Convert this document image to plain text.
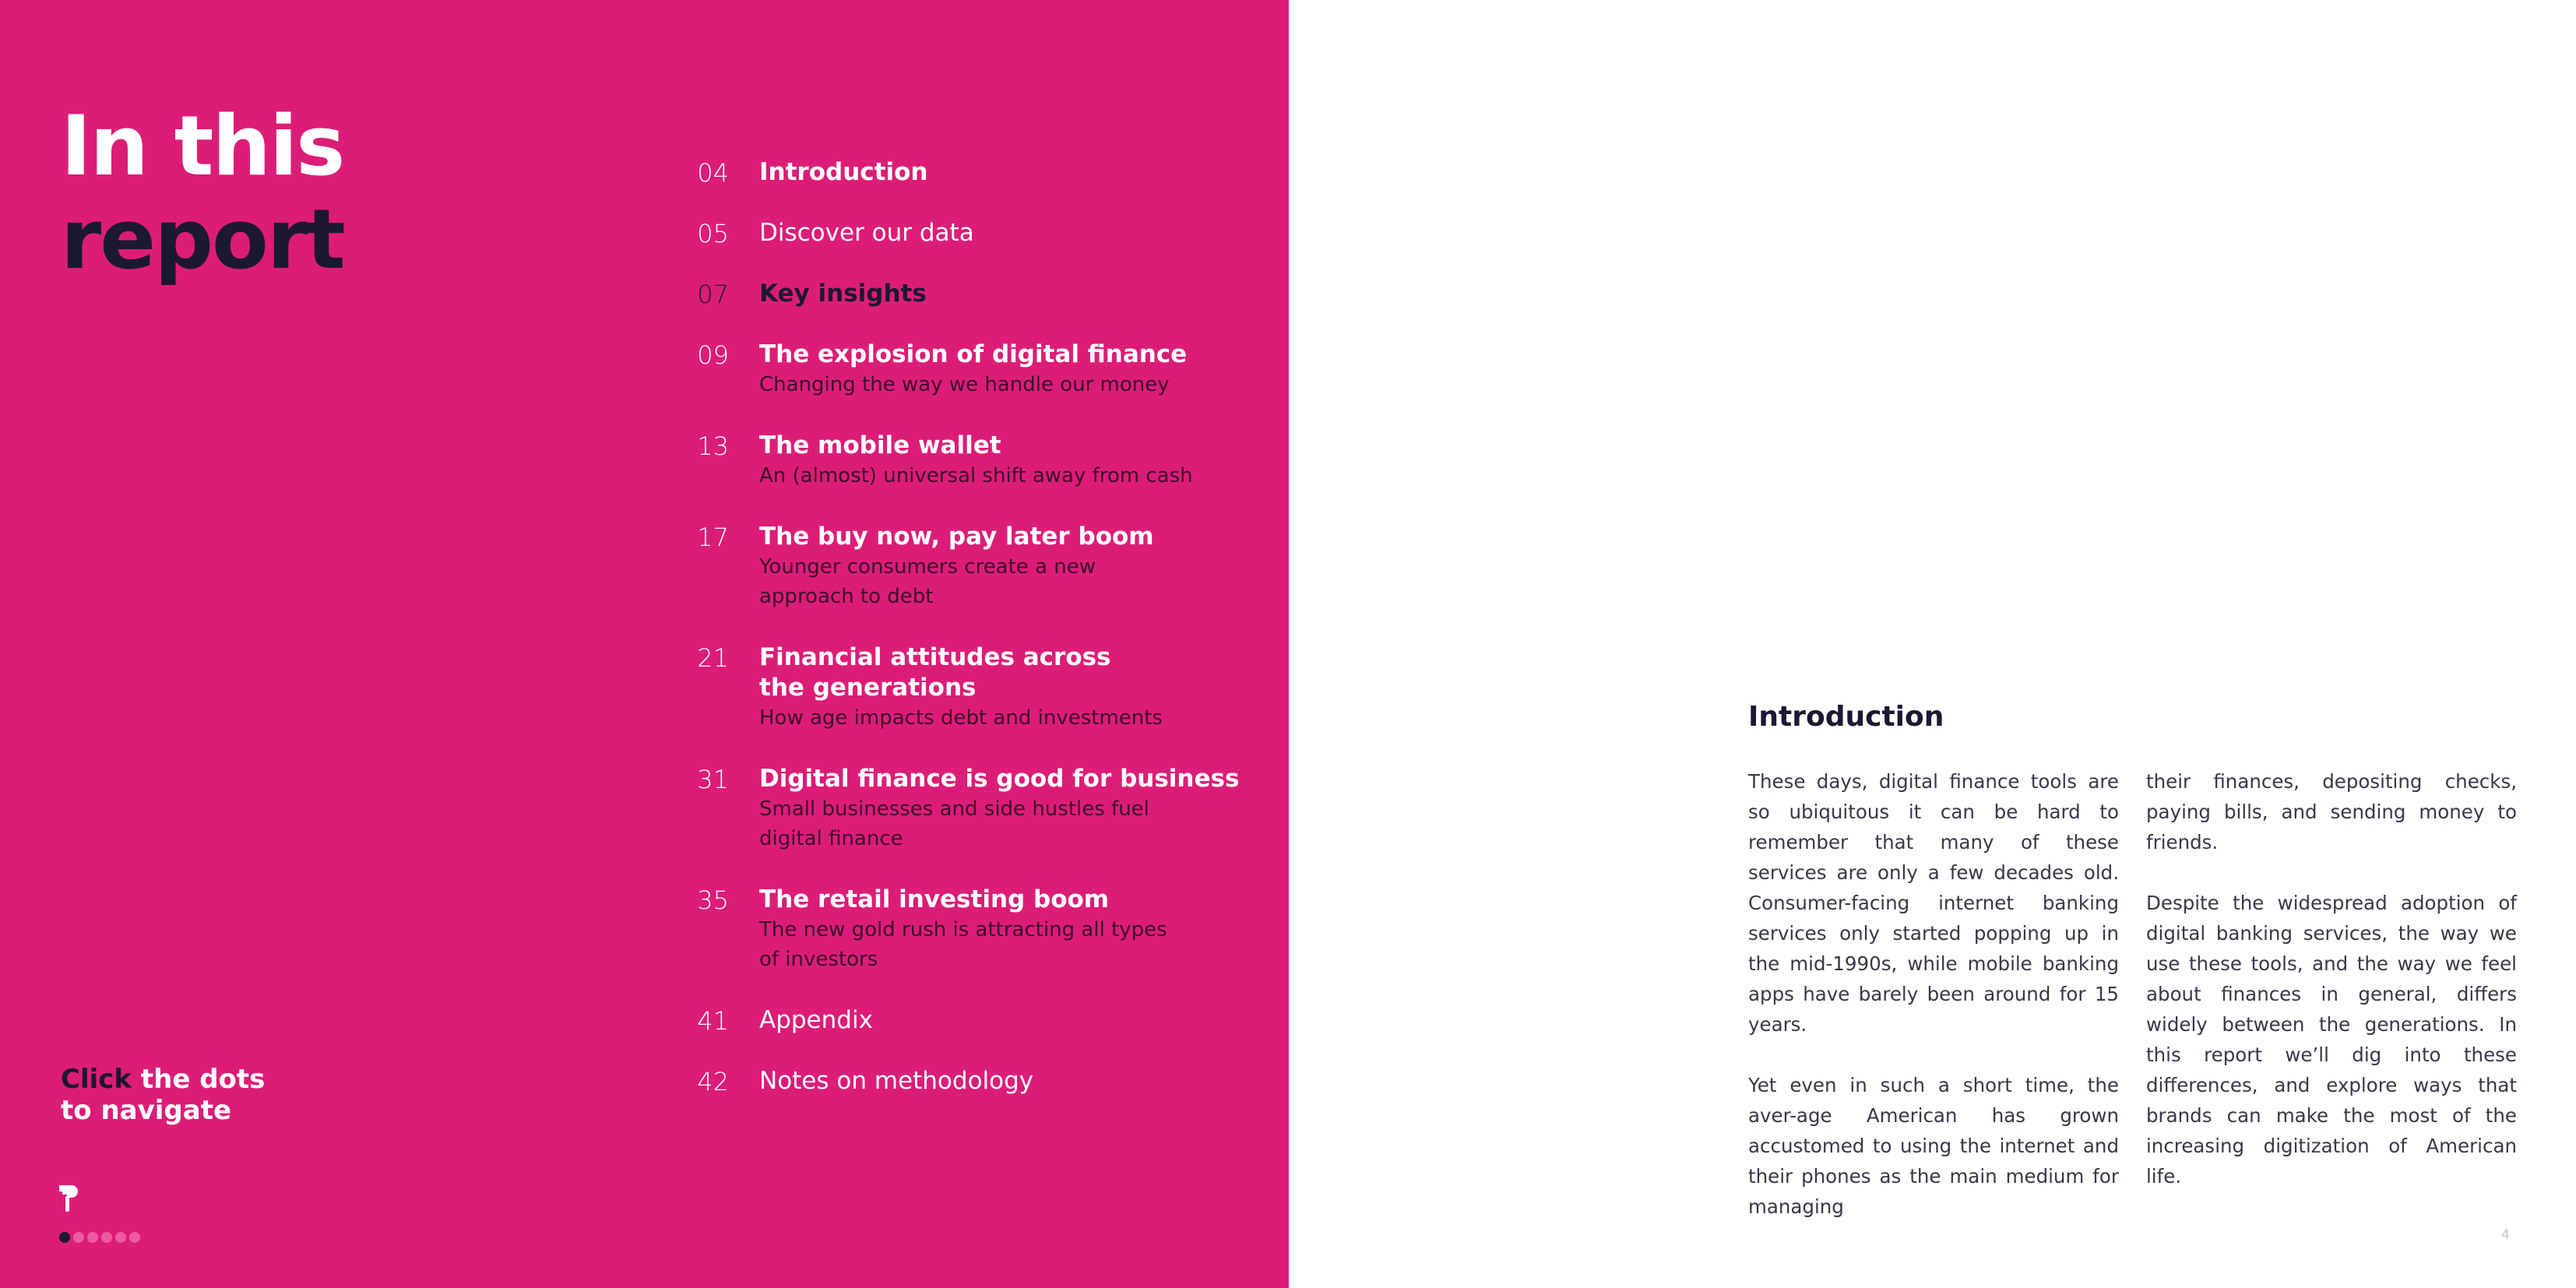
In this
report
04 Introduction
05 Discover our data
07 Key insights
09 The explosion of digital finance
Changing the way we handle our money
13 The mobile wallet
An (almost) universal shift away from cash
17 The buy now, pay later boom
Younger consumers create a new
approach to debt
21 Financial attitudes across
the generations
How age impacts debt and investments
31 Digital finance is good for business
Small businesses and side hustles fuel
digital finance
35 The retail investing boom
The new gold rush is attracting all types
of investors
41 Appendix
42 Notes on methodology
Click the dots
to navigate
Introduction

These days, digital finance tools are so ubiquitous it can be hard to remember that many of these services are only a few decades old. Consumer-facing internet banking services only started popping up in the mid-1990s, while mobile banking apps have barely been around for 15 years.

Yet even in such a short time, the aver-age American has grown accustomed to using the internet and their phones as the main medium for managing

their finances, depositing checks, paying bills, and sending money to friends.

Despite the widespread adoption of digital banking services, the way we use these tools, and the way we feel about finances in general, differs widely between the generations. In this report we’ll dig into these differences, and explore ways that brands can make the most of the increasing digitization of American life.

4
